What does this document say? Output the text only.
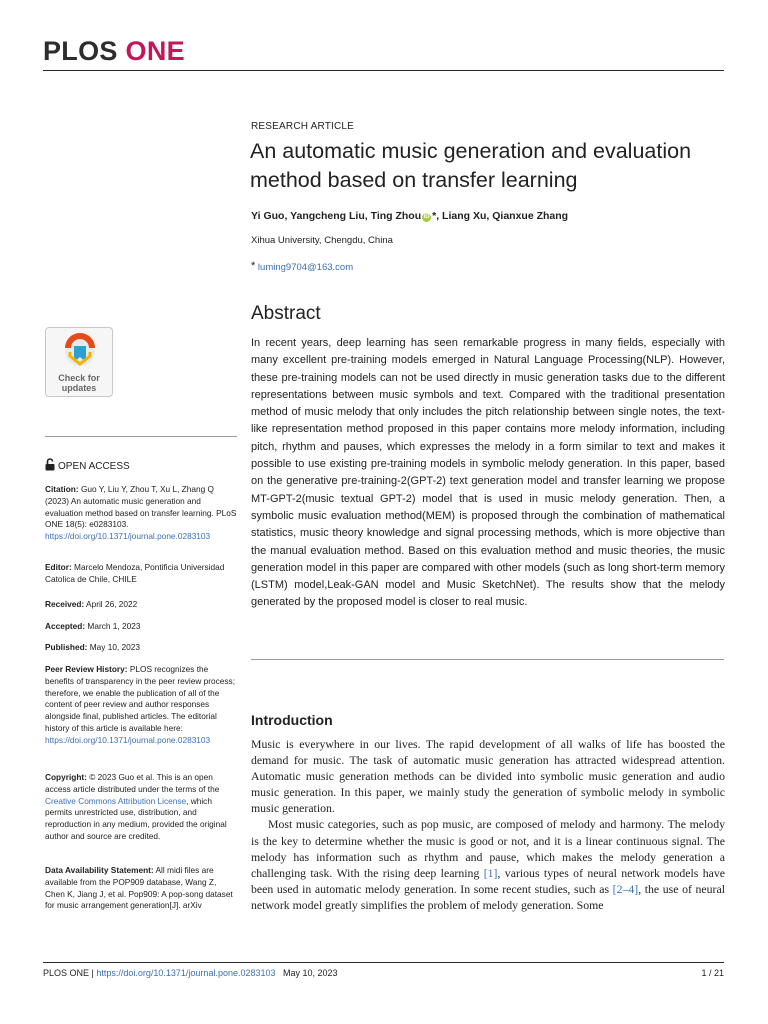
PLOS ONE
RESEARCH ARTICLE
An automatic music generation and evaluation method based on transfer learning
Yi Guo, Yangcheng Liu, Ting Zhou iD *, Liang Xu, Qianxue Zhang
Xihua University, Chengdu, China
* luming9704@163.com
Abstract
In recent years, deep learning has seen remarkable progress in many fields, especially with many excellent pre-training models emerged in Natural Language Processing(NLP). However, these pre-training models can not be used directly in music generation tasks due to the different representations between music symbols and text. Compared with the traditional presentation method of music melody that only includes the pitch relationship between single notes, the text-like representation method proposed in this paper contains more melody information, including pitch, rhythm and pauses, which expresses the melody in a form similar to text and makes it possible to use existing pre-training models in symbolic melody generation. In this paper, based on the generative pre-training-2(GPT-2) text generation model and transfer learning we propose MT-GPT-2(music textual GPT-2) model that is used in music melody generation. Then, a symbolic music evaluation method(MEM) is proposed through the combination of mathematical statistics, music theory knowledge and signal processing methods, which is more objective than the manual evaluation method. Based on this evaluation method and music theories, the music generation model in this paper are compared with other models (such as long short-term memory (LSTM) model,Leak-GAN model and Music SketchNet). The results show that the melody generated by the proposed model is closer to real music.
Introduction

Music is everywhere in our lives. The rapid development of all walks of life has boosted the demand for music. The task of automatic music generation has attracted widespread attention. Automatic music generation methods can be divided into symbolic music generation and audio music generation. In this paper, we mainly study the generation of symbolic melody in symbolic music generation.

Most music categories, such as pop music, are composed of melody and harmony. The melody is the key to determine whether the music is good or not, and it is a linear continuous signal. The melody has information such as rhythm and pause, which makes the melody generation a challenging task. With the rising deep learning [1], various types of neural network models have been used in automatic melody generation. In some recent studies, such as [2–4], the use of neural network model greatly simplifies the problem of melody generation. Some

Check for
updates
OPEN ACCESS
Citation: Guo Y, Liu Y, Zhou T, Xu L, Zhang Q (2023) An automatic music generation and evaluation method based on transfer learning. PLoS ONE 18(5): e0283103. https://doi.org/10.1371/journal.pone.0283103
Editor: Marcelo Mendoza, Pontificia Universidad Catolica de Chile, CHILE
Received: April 26, 2022
Accepted: March 1, 2023
Published: May 10, 2023
Peer Review History: PLOS recognizes the benefits of transparency in the peer review process; therefore, we enable the publication of all of the content of peer review and author responses alongside final, published articles. The editorial history of this article is available here: https://doi.org/10.1371/journal.pone.0283103
Copyright: © 2023 Guo et al. This is an open access article distributed under the terms of the Creative Commons Attribution License, which permits unrestricted use, distribution, and reproduction in any medium, provided the original author and source are credited.
Data Availability Statement: All midi files are available from the POP909 database, Wang Z, Chen K, Jiang J, et al. Pop909: A pop-song dataset for music arrangement generation[J]. arXiv
PLOS ONE | https://doi.org/10.1371/journal.pone.0283103 May 10, 2023	1 / 21
